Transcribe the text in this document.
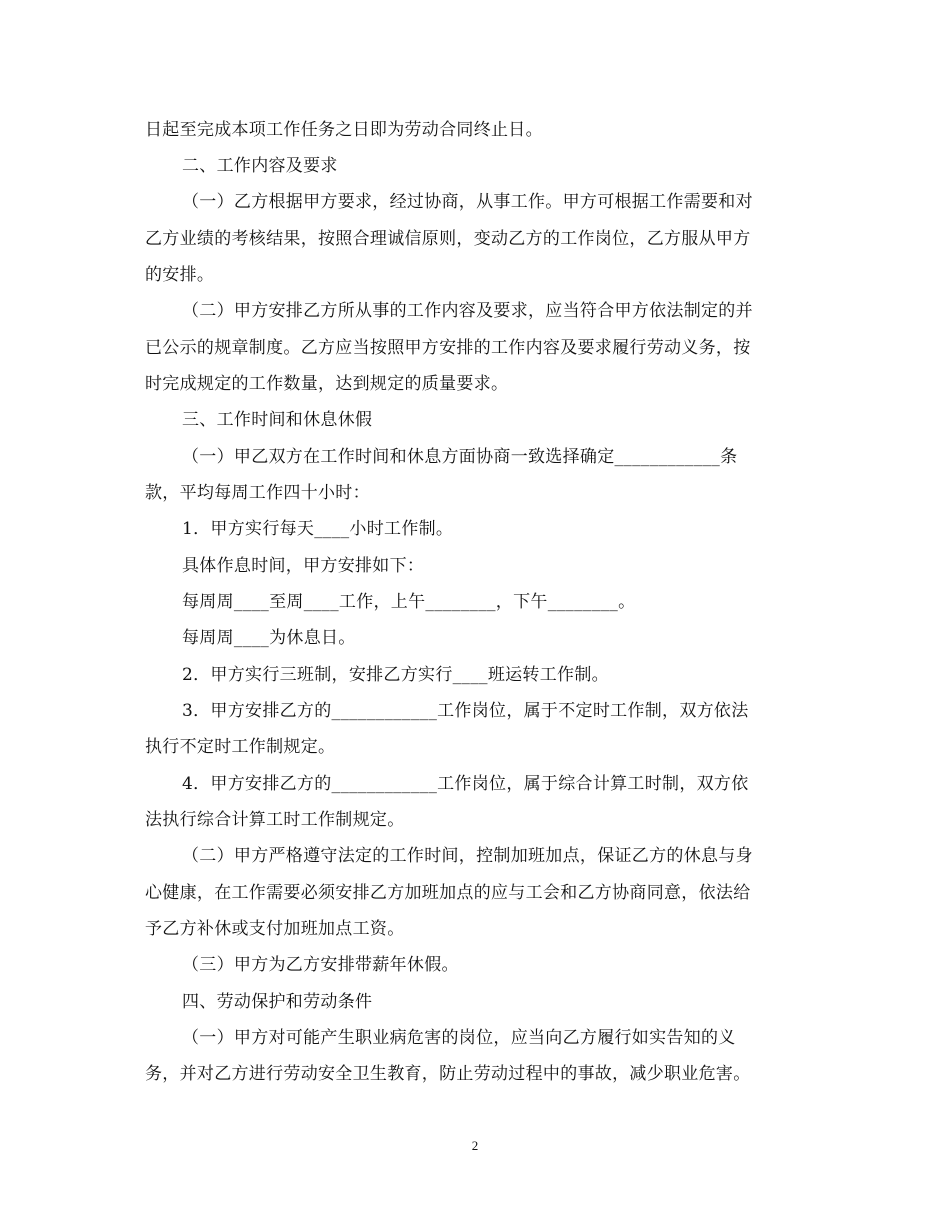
日起至完成本项工作任务之日即为劳动合同终止日。
二、工作内容及要求
（一）乙方根据甲方要求，经过协商，从事工作。甲方可根据工作需要和对
乙方业绩的考核结果，按照合理诚信原则，变动乙方的工作岗位，乙方服从甲方
的安排。
（二）甲方安排乙方所从事的工作内容及要求，应当符合甲方依法制定的并
已公示的规章制度。乙方应当按照甲方安排的工作内容及要求履行劳动义务，按
时完成规定的工作数量，达到规定的质量要求。
三、工作时间和休息休假
（一）甲乙双方在工作时间和休息方面协商一致选择确定____________条
款，平均每周工作四十小时：
1．甲方实行每天____小时工作制。
具体作息时间，甲方安排如下：
每周周____至周____工作，上午________，下午________。
每周周____为休息日。
2．甲方实行三班制，安排乙方实行____班运转工作制。
3．甲方安排乙方的____________工作岗位，属于不定时工作制，双方依法
执行不定时工作制规定。
4．甲方安排乙方的____________工作岗位，属于综合计算工时制，双方依
法执行综合计算工时工作制规定。
（二）甲方严格遵守法定的工作时间，控制加班加点，保证乙方的休息与身
心健康，在工作需要必须安排乙方加班加点的应与工会和乙方协商同意，依法给
予乙方补休或支付加班加点工资。
（三）甲方为乙方安排带薪年休假。
四、劳动保护和劳动条件
（一）甲方对可能产生职业病危害的岗位，应当向乙方履行如实告知的义
务，并对乙方进行劳动安全卫生教育，防止劳动过程中的事故，减少职业危害。
2
